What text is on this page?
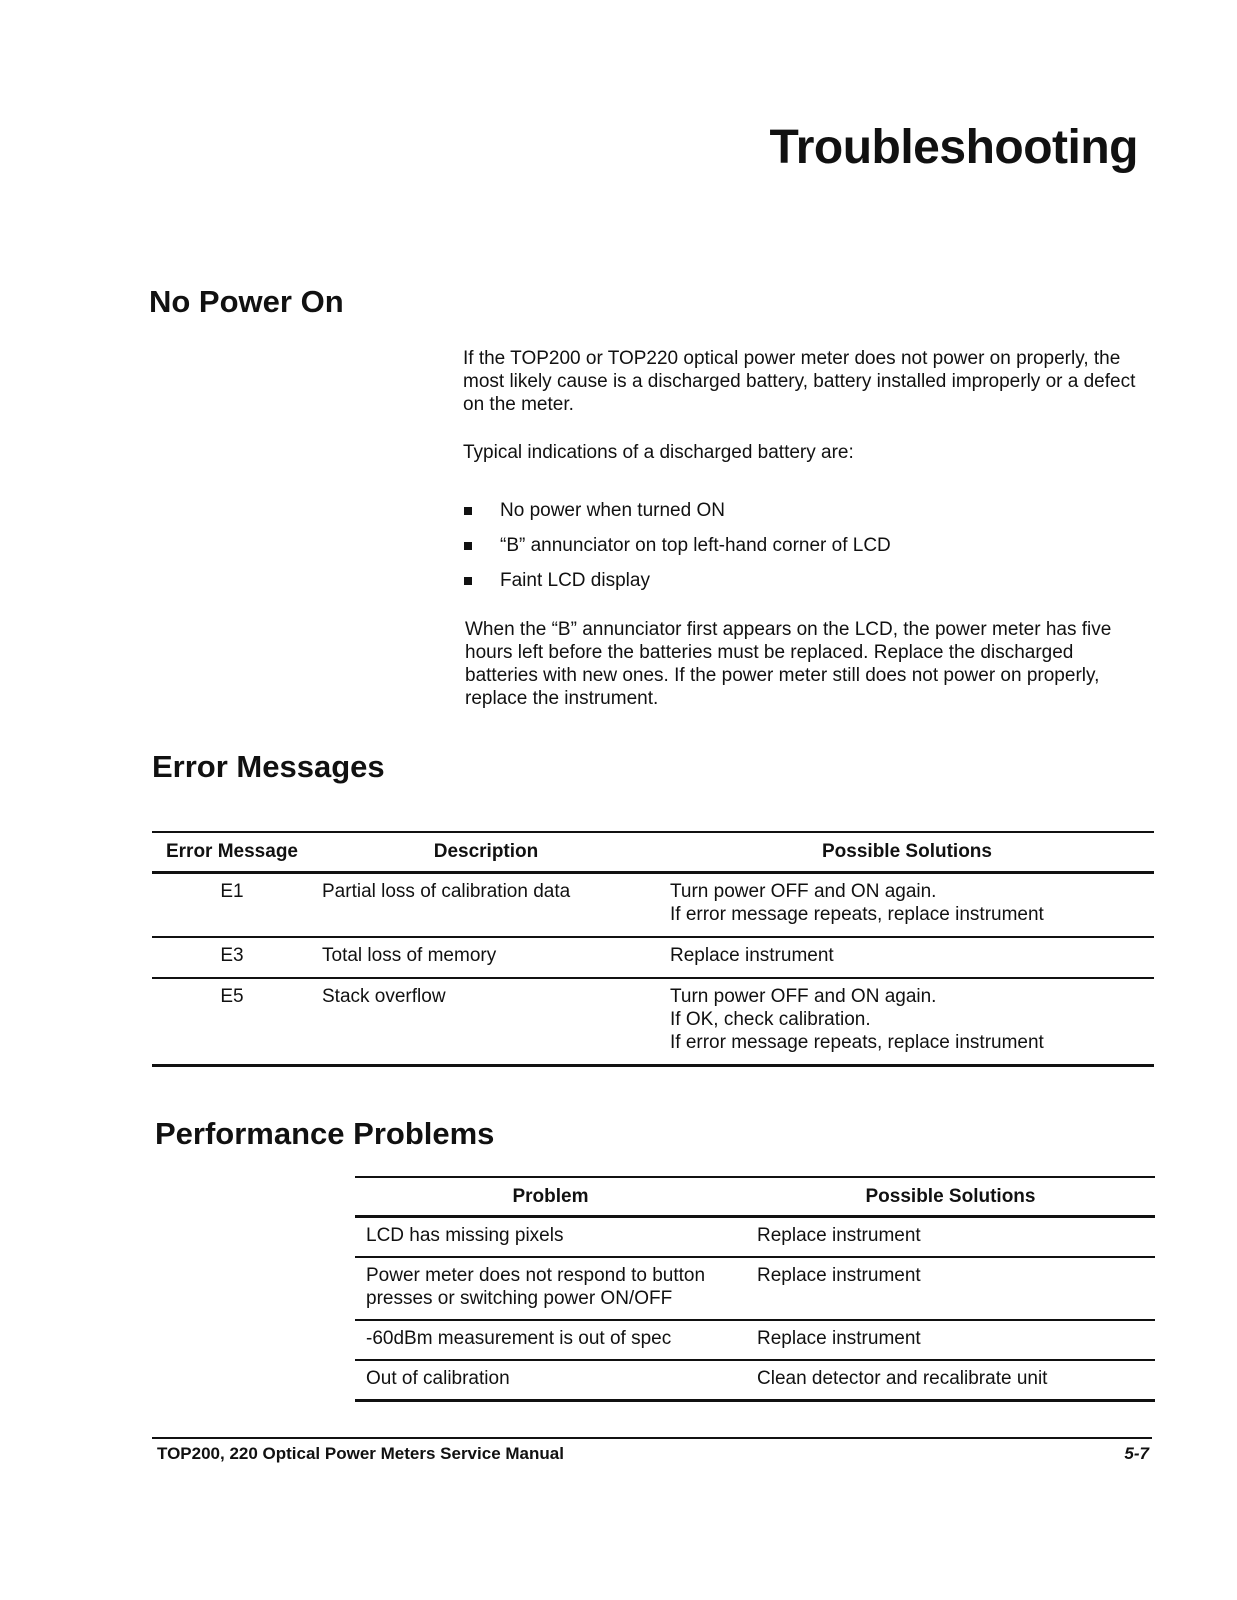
Troubleshooting
No Power On

If the TOP200 or TOP220 optical power meter does not power on properly, the most likely cause is a discharged battery, battery installed improperly or a defect on the meter.

Typical indications of a discharged battery are:

No power when turned ON
“B” annunciator on top left-hand corner of LCD
Faint LCD display

When the “B” annunciator first appears on the LCD, the power meter has five hours left before the batteries must be replaced. Replace the discharged batteries with new ones. If the power meter still does not power on properly, replace the instrument.

Error Messages
Error Message	Description	Possible Solutions
E1	Partial loss of calibration data	Turn power OFF and ON again.
If error message repeats, replace instrument

E3	Total loss of memory	Replace instrument

E5	Stack overflow	Turn power OFF and ON again.
If OK, check calibration.
If error message repeats, replace instrument
Performance Problems
Problem	Possible Solutions

LCD has missing pixels	Replace instrument

Power meter does not respond to button
presses or switching power ON/OFF	Replace instrument

-60dBm measurement is out of spec	Replace instrument

Out of calibration	Clean detector and recalibrate unit
TOP200, 220 Optical Power Meters Service Manual	5-7
